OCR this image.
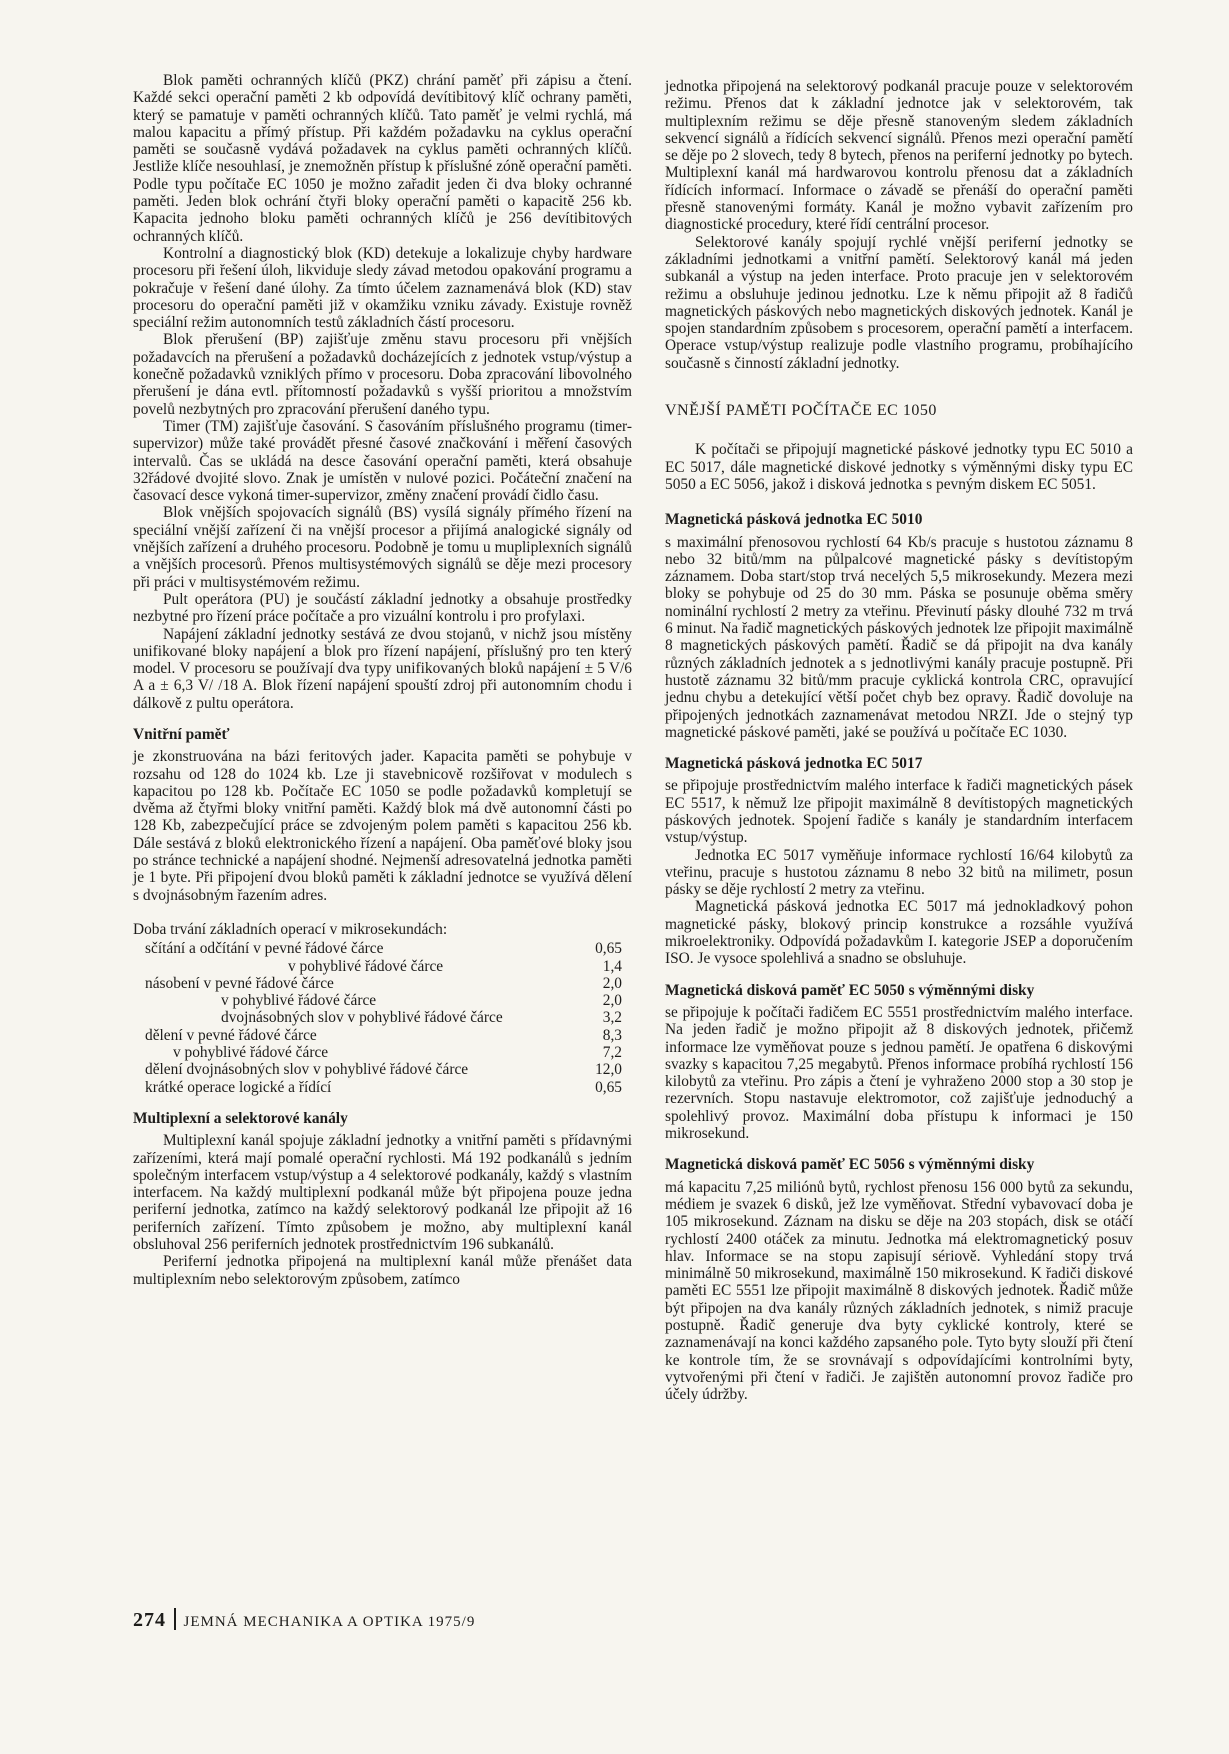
Blok paměti ochranných klíčů (PKZ) chrání paměť při zápisu a čtení. Každé sekci operační paměti 2 kb odpovídá devítibitový klíč ochrany paměti, který se pamatuje v paměti ochranných klíčů. Tato paměť je velmi rychlá, má malou kapacitu a přímý přístup. Při každém požadavku na cyklus operační paměti se současně vydává požadavek na cyklus paměti ochranných klíčů. Jestliže klíče nesouhlasí, je znemožněn přístup k příslušné zóně operační paměti. Podle typu počítače EC 1050 je možno zařadit jeden či dva bloky ochranné paměti. Jeden blok ochrání čtyři bloky operační paměti o kapacitě 256 kb. Kapacita jednoho bloku paměti ochranných klíčů je 256 devítibitových ochranných klíčů.

Kontrolní a diagnostický blok (KD) detekuje a lokalizuje chyby hardware procesoru při řešení úloh, likviduje sledy závad metodou opakování programu a pokračuje v řešení dané úlohy. Za tímto účelem zaznamenává blok (KD) stav procesoru do operační paměti již v okamžiku vzniku závady. Existuje rovněž speciální režim autonomních testů základních částí procesoru.

Blok přerušení (BP) zajišťuje změnu stavu procesoru při vnějších požadavcích na přerušení a požadavků docházejících z jednotek vstup/výstup a konečně požadavků vzniklých přímo v procesoru. Doba zpracování libovolného přerušení je dána evtl. přítomností požadavků s vyšší prioritou a množstvím povelů nezbytných pro zpracování přerušení daného typu.

Timer (TM) zajišťuje časování. S časováním příslušného programu (timer-supervizor) může také provádět přesné časové značkování i měření časových intervalů. Čas se ukládá na desce časování operační paměti, která obsahuje 32řádové dvojité slovo. Znak je umístěn v nulové pozici. Počáteční značení na časovací desce vykoná timer-supervizor, změny značení provádí čidlo času.

Blok vnějších spojovacích signálů (BS) vysílá signály přímého řízení na speciální vnější zařízení či na vnější procesor a přijímá analogické signály od vnějších zařízení a druhého procesoru. Podobně je tomu u mupliplexních signálů a vnějších procesorů. Přenos multisystémových signálů se děje mezi procesory při práci v multisystémovém režimu.

Pult operátora (PU) je součástí základní jednotky a obsahuje prostředky nezbytné pro řízení práce počítače a pro vizuální kontrolu i pro profylaxi.

Napájení základní jednotky sestává ze dvou stojanů, v nichž jsou místěny unifikované bloky napájení a blok pro řízení napájení, příslušný pro ten který model. V procesoru se používají dva typy unifikovaných bloků napájení ± 5 V/6 A a ± 6,3 V/ /18 A. Blok řízení napájení spouští zdroj při autonomním chodu i dálkově z pultu operátora.

Vnitřní paměť

je zkonstruována na bázi feritových jader. Kapacita paměti se pohybuje v rozsahu od 128 do 1024 kb. Lze ji stavebnicově rozšiřovat v modulech s kapacitou po 128 kb. Počítače EC 1050 se podle požadavků kompletují se dvěma až čtyřmi bloky vnitřní paměti. Každý blok má dvě autonomní části po 128 Kb, zabezpečující práce se zdvojeným polem paměti s kapacitou 256 kb. Dále sestává z bloků elektronického řízení a napájení. Oba paměťové bloky jsou po stránce technické a napájení shodné. Nejmenší adresovatelná jednotka paměti je 1 byte. Při připojení dvou bloků paměti k základní jednotce se využívá dělení s dvojnásobným řazením adres.

Doba trvání základních operací v mikrosekundách:

sčítání a odčítání v pevné řádové čárce	0,65
v pohyblivé řádové čárce	1,4
násobení v pevné řádové čárce	2,0
v pohyblivé řádové čárce	2,0
dvojnásobných slov v pohyblivé řádové čárce	3,2
dělení v pevné řádové čárce	8,3
v pohyblivé řádové čárce	7,2
dělení dvojnásobných slov v pohyblivé řádové čárce	12,0
krátké operace logické a řídící	0,65
Multiplexní a selektorové kanály

Multiplexní kanál spojuje základní jednotky a vnitřní paměti s přídavnými zařízeními, která mají pomalé operační rychlosti. Má 192 podkanálů s jedním společným interfacem vstup/výstup a 4 selektorové podkanály, každý s vlastním interfacem. Na každý multiplexní podkanál může být připojena pouze jedna periferní jednotka, zatímco na každý selektorový podkanál lze připojit až 16 periferních zařízení. Tímto způsobem je možno, aby multiplexní kanál obsluhoval 256 periferních jednotek prostřednictvím 196 subkanálů.

Periferní jednotka připojená na multiplexní kanál může přenášet data multiplexním nebo selektorovým způsobem, zatímco

jednotka připojená na selektorový podkanál pracuje pouze v selektorovém režimu. Přenos dat k základní jednotce jak v selektorovém, tak multiplexním režimu se děje přesně stanoveným sledem základních sekvencí signálů a řídících sekvencí signálů. Přenos mezi operační pamětí se děje po 2 slovech, tedy 8 bytech, přenos na periferní jednotky po bytech. Multiplexní kanál má hardwarovou kontrolu přenosu dat a základních řídících informací. Informace o závadě se přenáší do operační paměti přesně stanovenými formáty. Kanál je možno vybavit zařízením pro diagnostické procedury, které řídí centrální procesor.

Selektorové kanály spojují rychlé vnější periferní jednotky se základními jednotkami a vnitřní pamětí. Selektorový kanál má jeden subkanál a výstup na jeden interface. Proto pracuje jen v selektorovém režimu a obsluhuje jedinou jednotku. Lze k němu připojit až 8 řadičů magnetických páskových nebo magnetických diskových jednotek. Kanál je spojen standardním způsobem s procesorem, operační pamětí a interfacem. Operace vstup/výstup realizuje podle vlastního programu, probíhajícího současně s činností základní jednotky.

VNĚJŠÍ PAMĚTI POČÍTAČE EC 1050

K počítači se připojují magnetické páskové jednotky typu EC 5010 a EC 5017, dále magnetické diskové jednotky s výměnnými disky typu EC 5050 a EC 5056, jakož i disková jednotka s pevným diskem EC 5051.

Magnetická pásková jednotka EC 5010

s maximální přenosovou rychlostí 64 Kb/s pracuje s hustotou záznamu 8 nebo 32 bitů/mm na půlpalcové magnetické pásky s devítistopým záznamem. Doba start/stop trvá necelých 5,5 mikrosekundy. Mezera mezi bloky se pohybuje od 25 do 30 mm. Páska se posunuje oběma směry nominální rychlostí 2 metry za vteřinu. Převinutí pásky dlouhé 732 m trvá 6 minut. Na řadič magnetických páskových jednotek lze připojit maximálně 8 magnetických páskových pamětí. Řadič se dá připojit na dva kanály různých základních jednotek a s jednotlivými kanály pracuje postupně. Při hustotě záznamu 32 bitů/mm pracuje cyklická kontrola CRC, opravující jednu chybu a detekující větší počet chyb bez opravy. Řadič dovoluje na připojených jednotkách zaznamenávat metodou NRZI. Jde o stejný typ magnetické páskové paměti, jaké se používá u počítače EC 1030.

Magnetická pásková jednotka EC 5017

se připojuje prostřednictvím malého interface k řadiči magnetických pásek EC 5517, k němuž lze připojit maximálně 8 devítistopých magnetických páskových jednotek. Spojení řadiče s kanály je standardním interfacem vstup/výstup.

Jednotka EC 5017 vyměňuje informace rychlostí 16/64 kilobytů za vteřinu, pracuje s hustotou záznamu 8 nebo 32 bitů na milimetr, posun pásky se děje rychlostí 2 metry za vteřinu.

Magnetická pásková jednotka EC 5017 má jednokladkový pohon magnetické pásky, blokový princip konstrukce a rozsáhle využívá mikroelektroniky. Odpovídá požadavkům I. kategorie JSEP a doporučením ISO. Je vysoce spolehlivá a snadno se obsluhuje.

Magnetická disková paměť EC 5050 s výměnnými disky

se připojuje k počítači řadičem EC 5551 prostřednictvím malého interface. Na jeden řadič je možno připojit až 8 diskových jednotek, přičemž informace lze vyměňovat pouze s jednou pamětí. Je opatřena 6 diskovými svazky s kapacitou 7,25 megabytů. Přenos informace probíhá rychlostí 156 kilobytů za vteřinu. Pro zápis a čtení je vyhraženo 2000 stop a 30 stop je rezervních. Stopu nastavuje elektromotor, což zajišťuje jednoduchý a spolehlivý provoz. Maximální doba přístupu k informaci je 150 mikrosekund.

Magnetická disková paměť EC 5056 s výměnnými disky

má kapacitu 7,25 miliónů bytů, rychlost přenosu 156 000 bytů za sekundu, médiem je svazek 6 disků, jež lze vyměňovat. Střední vybavovací doba je 105 mikrosekund. Záznam na disku se děje na 203 stopách, disk se otáčí rychlostí 2400 otáček za minutu. Jednotka má elektromagnetický posuv hlav. Informace se na stopu zapisují sériově. Vyhledání stopy trvá minimálně 50 mikrosekund, maximálně 150 mikrosekund. K řadiči diskové paměti EC 5551 lze připojit maximálně 8 diskových jednotek. Řadič může být připojen na dva kanály různých základních jednotek, s nimiž pracuje postupně. Řadič generuje dva byty cyklické kontroly, které se zaznamenávají na konci každého zapsaného pole. Tyto byty slouží při čtení ke kontrole tím, že se srovnávají s odpovídajícími kontrolními byty, vytvořenými při čtení v řadiči. Je zajištěn autonomní provoz řadiče pro účely údržby.

274 JEMNÁ MECHANIKA A OPTIKA 1975/9
